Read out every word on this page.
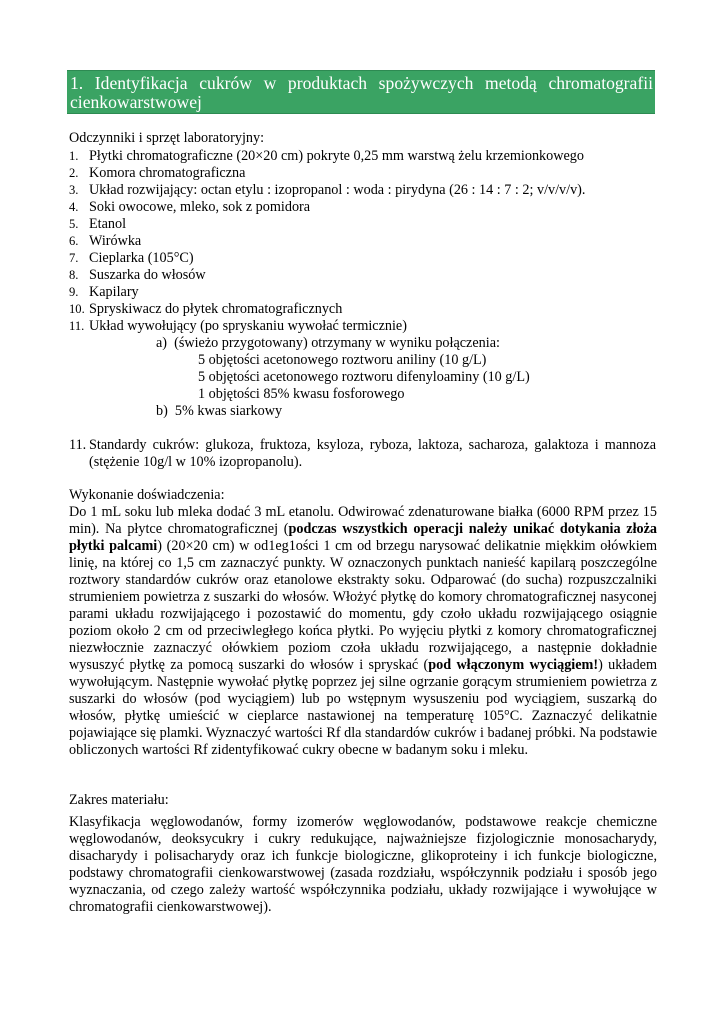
1. Identyfikacja cukrów w produktach spożywczych metodą chromatografii cienkowarstwowej
Odczynniki i sprzęt laboratoryjny:
1. Płytki chromatograficzne (20×20 cm) pokryte 0,25 mm warstwą żelu krzemionkowego
2. Komora chromatograficzna
3. Układ rozwijający: octan etylu : izopropanol : woda : pirydyna (26 : 14 : 7 : 2; v/v/v/v).
4. Soki owocowe, mleko, sok z pomidora
5. Etanol
6. Wirówka
7. Cieplarka (105°C)
8. Suszarka do włosów
9. Kapilary
10. Spryskiwacz do płytek chromatograficznych
11. Układ wywołujący (po spryskaniu wywołać termicznie)
a)  (świeżo przygotowany) otrzymany w wyniku połączenia:
5 objętości acetonowego roztworu aniliny (10 g/L)
5 objętości acetonowego roztworu difenyloaminy (10 g/L)
1 objętości 85% kwasu fosforowego
b)  5% kwas siarkowy
11. Standardy cukrów: glukoza, fruktoza, ksyloza, ryboza, laktoza, sacharoza, galaktoza i mannoza (stężenie 10g/l w 10% izopropanolu).

Wykonanie doświadczenia:

Do 1 mL soku lub mleka dodać 3 mL etanolu. Odwirować zdenaturowane białka (6000 RPM przez 15 min). Na płytce chromatograficznej (podczas wszystkich operacji należy unikać dotykania złoża płytki palcami) (20×20 cm) w od1eg1ości 1 cm od brzegu narysować delikatnie miękkim ołówkiem linię, na której co 1,5 cm zaznaczyć punkty. W oznaczonych punktach nanieść kapilarą poszczególne roztwory standardów cukrów oraz etanolowe ekstrakty soku. Odparować (do sucha) rozpuszczalniki strumieniem powietrza z suszarki do włosów. Włożyć płytkę do komory chromatograficznej nasyconej parami układu rozwijającego i pozostawić do momentu, gdy czoło układu rozwijającego osiągnie poziom około 2 cm od przeciwległego końca płytki. Po wyjęciu płytki z komory chromatograficznej niezwłocznie zaznaczyć ołówkiem poziom czoła układu rozwijającego, a następnie dokładnie wysuszyć płytkę za pomocą suszarki do włosów i spryskać (pod włączonym wyciągiem!) układem wywołującym. Następnie wywołać płytkę poprzez jej silne ogrzanie gorącym strumieniem powietrza z suszarki do włosów (pod wyciągiem) lub po wstępnym wysuszeniu pod wyciągiem, suszarką do włosów, płytkę umieścić w cieplarce nastawionej na temperaturę 105°C. Zaznaczyć delikatnie pojawiające się plamki. Wyznaczyć wartości Rf dla standardów cukrów i badanej próbki. Na podstawie obliczonych wartości Rf zidentyfikować cukry obecne w badanym soku i mleku.

Zakres materiału:

Klasyfikacja węglowodanów, formy izomerów węglowodanów, podstawowe reakcje chemiczne węglowodanów, deoksycukry i cukry redukujące, najważniejsze fizjologicznie monosacharydy, disacharydy i polisacharydy oraz ich funkcje biologiczne, glikoproteiny i ich funkcje biologiczne, podstawy chromatografii cienkowarstwowej (zasada rozdziału, współczynnik podziału i sposób jego wyznaczania, od czego zależy wartość współczynnika podziału, układy rozwijające i wywołujące w chromatografii cienkowarstwowej).
